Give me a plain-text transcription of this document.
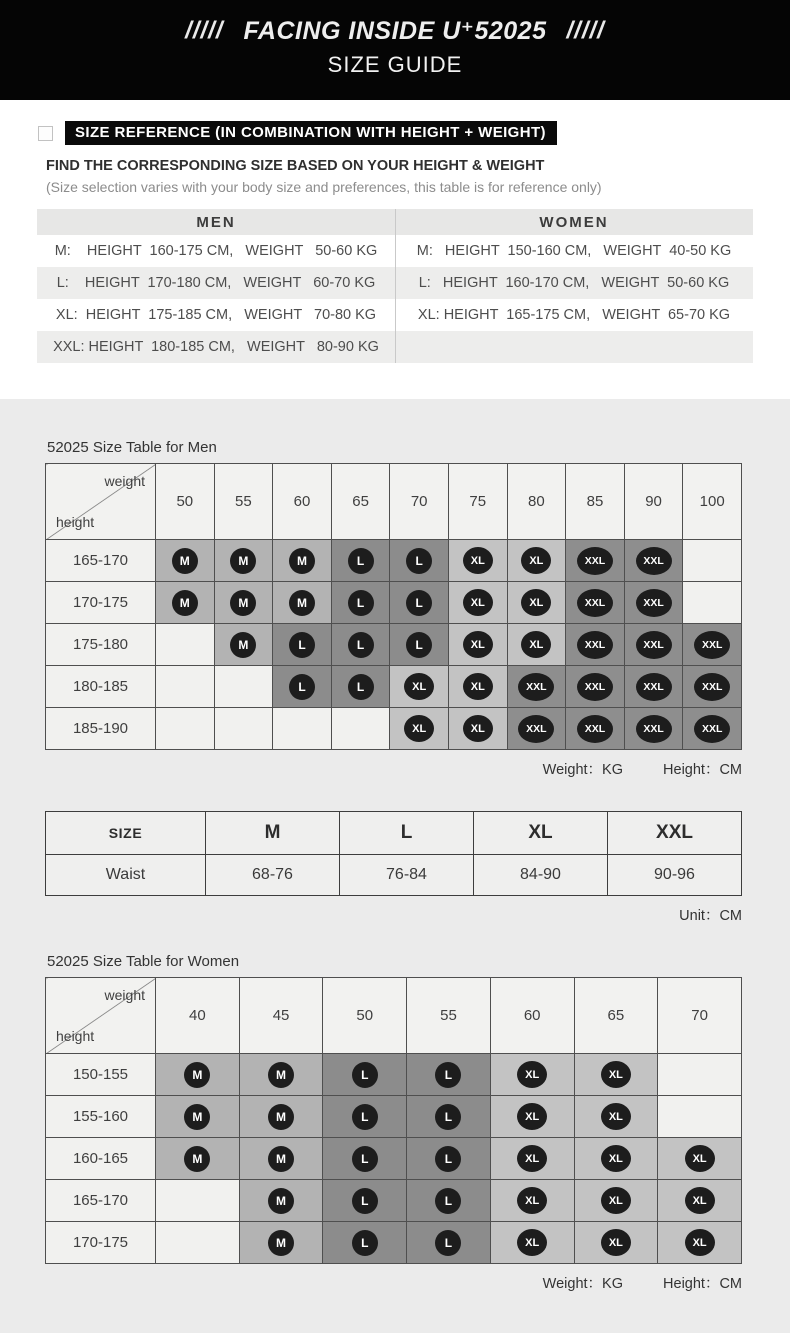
///// FACING INSIDE U⁺52025 /////
SIZE GUIDE
SIZE REFERENCE (IN COMBINATION WITH HEIGHT + WEIGHT)
FIND THE CORRESPONDING SIZE BASED ON YOUR HEIGHT & WEIGHT
(Size selection varies with your body size and preferences, this table is for reference only)
MEN	WOMEN
M:    HEIGHT  160-175 CM,   WEIGHT   50-60 KG	M:   HEIGHT  150-160 CM,   WEIGHT  40-50 KG
L:    HEIGHT  170-180 CM,   WEIGHT   60-70 KG	L:   HEIGHT  160-170 CM,   WEIGHT  50-60 KG
XL:  HEIGHT  175-185 CM,   WEIGHT   70-80 KG	XL: HEIGHT  165-175 CM,   WEIGHT  65-70 KG
XXL: HEIGHT  180-185 CM,   WEIGHT   80-90 KG
52025 Size Table for Men
weight
height	50	55	60	65	70	75	80	85	90	100
165-170	M	M	M	L	L	XL	XL	XXL	XXL	
170-175	M	M	M	L	L	XL	XL	XXL	XXL	
175-180		M	L	L	L	XL	XL	XXL	XXL	XXL
180-185			L	L	XL	XL	XXL	XXL	XXL	XXL
185-190					XL	XL	XXL	XXL	XXL	XXL
Weight：KG	Height：CM
SIZE	M	L	XL	XXL
Waist	68-76	76-84	84-90	90-96
Unit：CM
52025 Size Table for Women
weight
height	40	45	50	55	60	65	70
150-155	M	M	L	L	XL	XL	
155-160	M	M	L	L	XL	XL	
160-165	M	M	L	L	XL	XL	XL
165-170		M	L	L	XL	XL	XL
170-175		M	L	L	XL	XL	XL
Weight：KG	Height：CM
